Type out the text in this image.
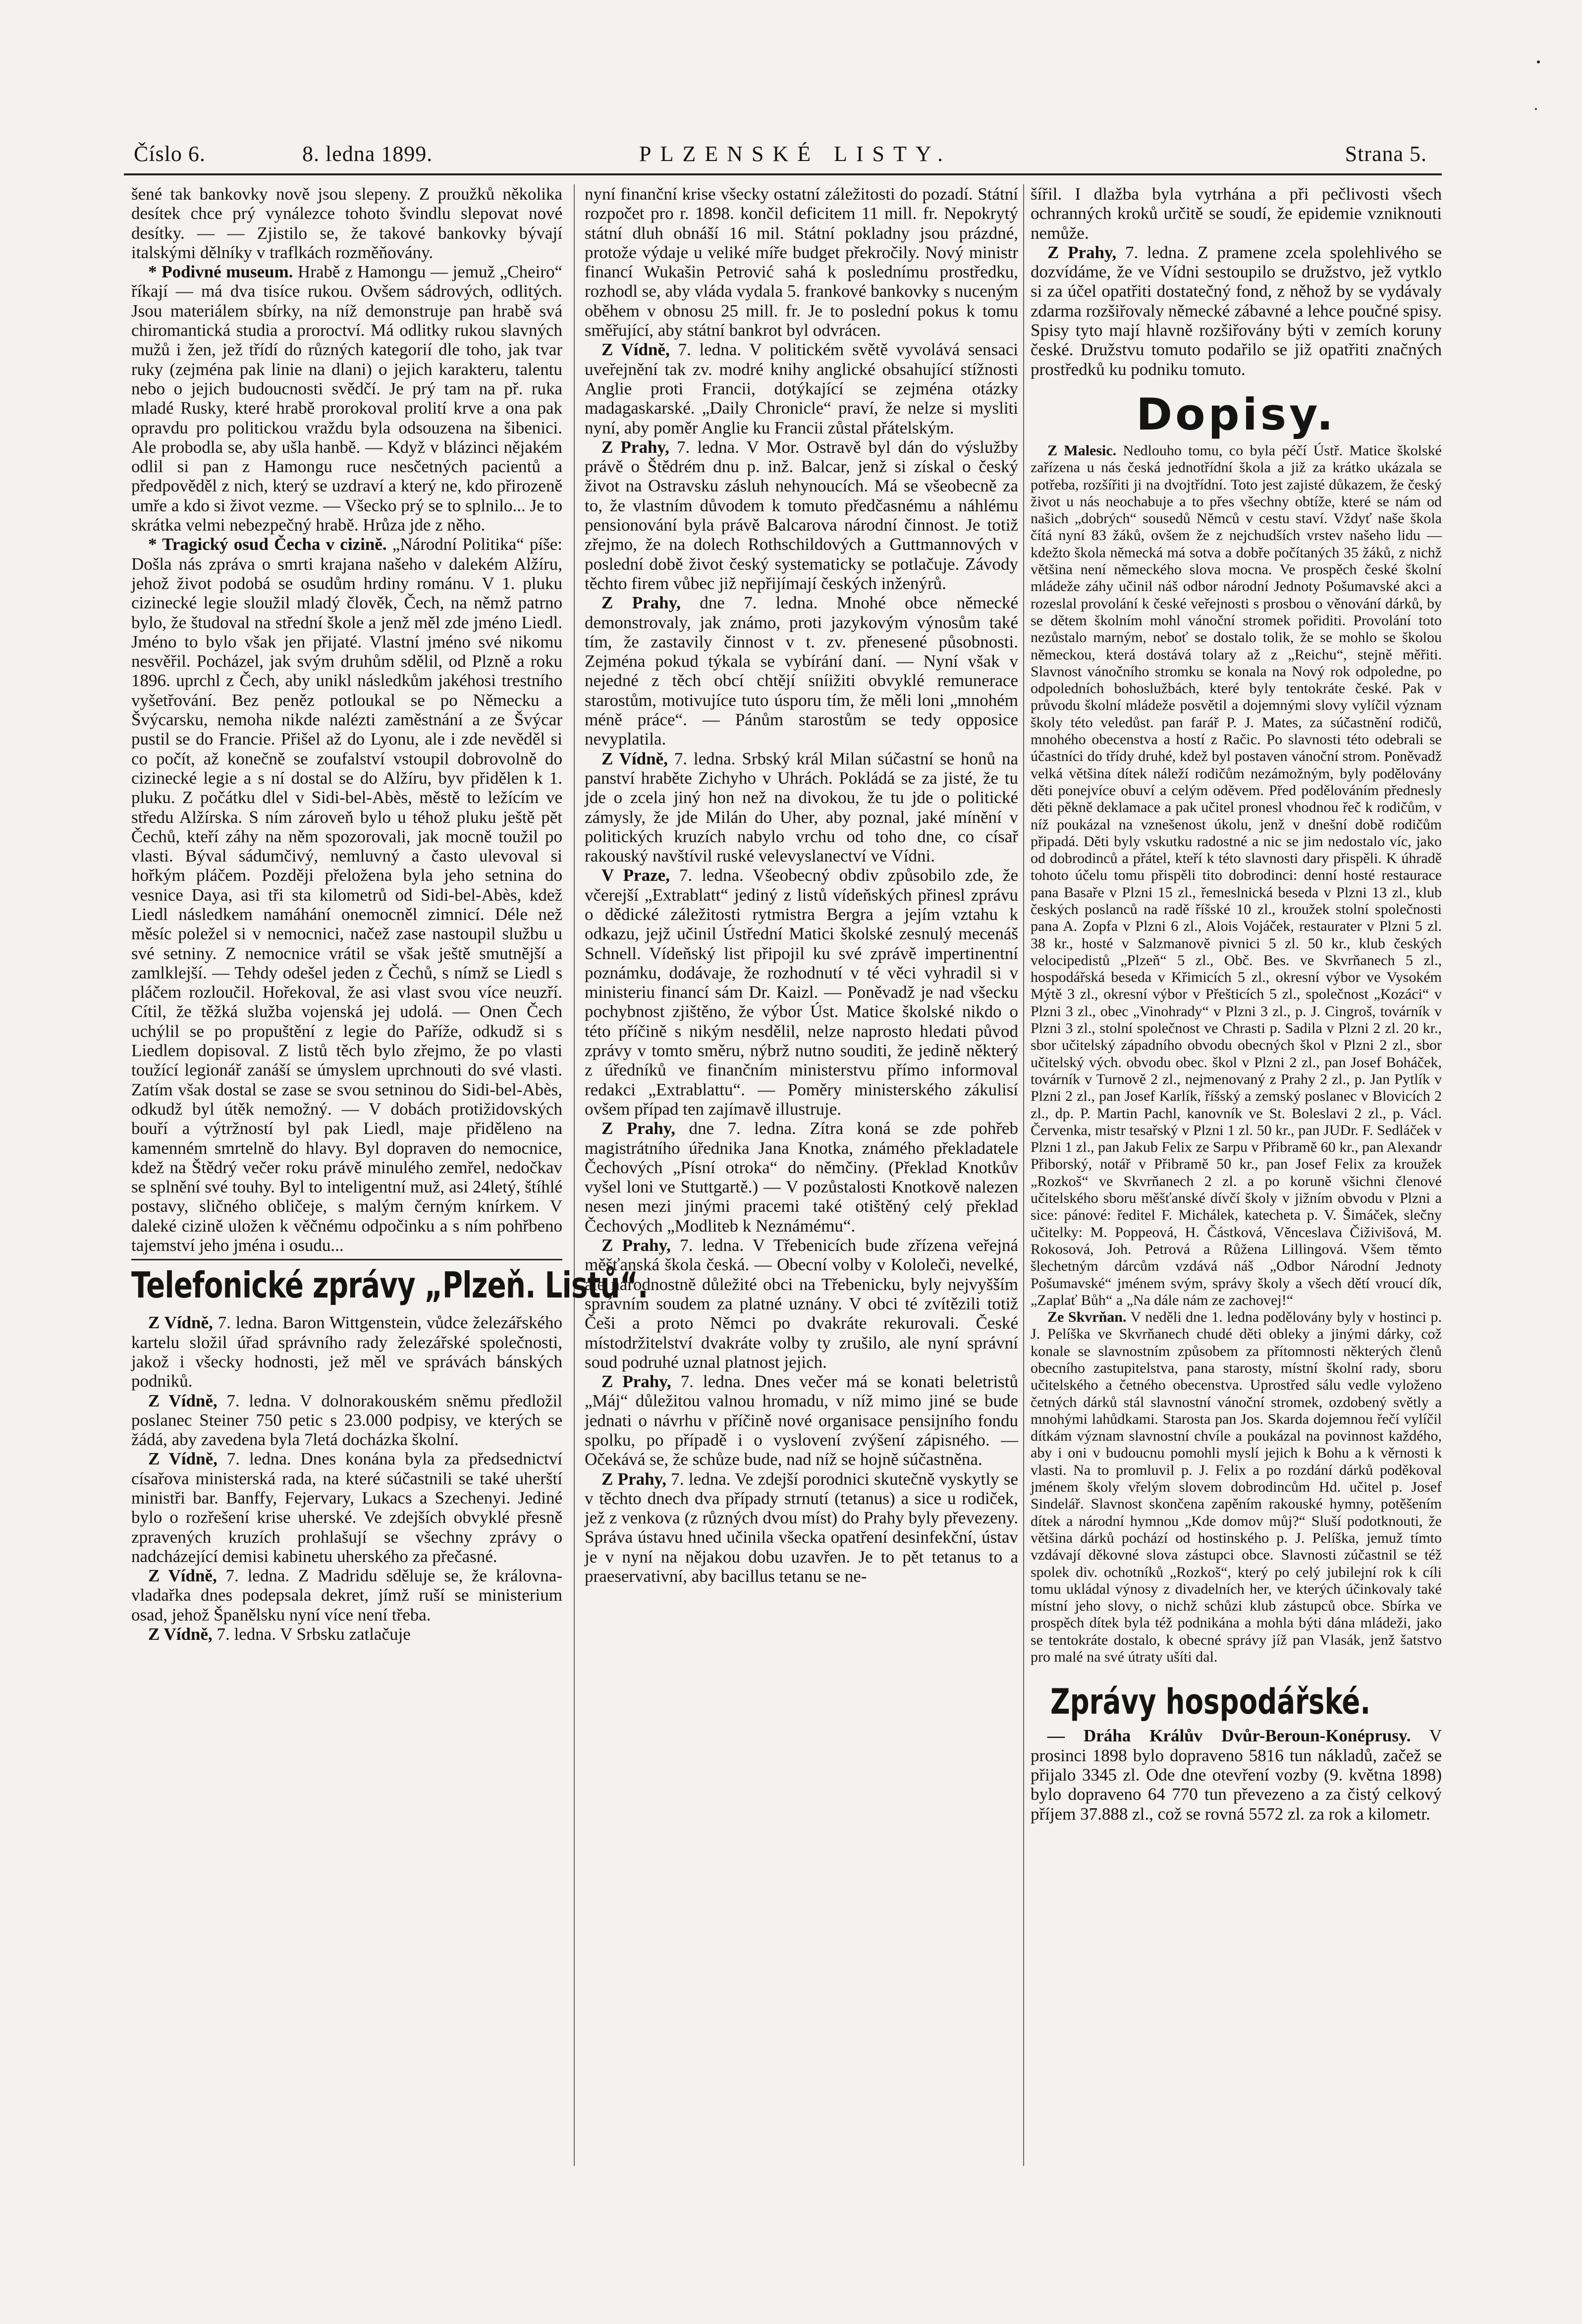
Číslo 6.	8. ledna 1899.	PLZENSKÉ LISTY.	Strana 5.

šené tak bankovky nově jsou slepeny. Z proužků několika desítek chce prý vynálezce tohoto švindlu slepovat nové desítky. — — Zjistilo se, že takové bankovky bývají italskými dělníky v traflkách rozměňovány.

* Podivné museum. Hrabě z Hamongu — jemuž „Cheiro“ říkají — má dva tisíce rukou. Ovšem sádrových, odlitých. Jsou materiálem sbírky, na níž demonstruje pan hrabě svá chiromantická studia a proroctví. Má odlitky rukou slavných mužů i žen, jež třídí do různých kategorií dle toho, jak tvar ruky (zejména pak linie na dlani) o jejich karakteru, talentu nebo o jejich budoucnosti svědčí. Je prý tam na př. ruka mladé Rusky, které hrabě prorokoval prolití krve a ona pak opravdu pro politickou vraždu byla odsouzena na šibenici. Ale probodla se, aby ušla hanbě. — Když v blázinci nějakém odlil si pan z Hamongu ruce nesčetných pacientů a předpověděl z nich, který se uzdraví a který ne, kdo přirozeně umře a kdo si život vezme. — Všecko prý se to splnilo... Je to skrátka velmi nebezpečný hrabě. Hrůza jde z něho.

* Tragický osud Čecha v cizině. „Národní Politika“ píše: Došla nás zpráva o smrti krajana našeho v dalekém Alžíru, jehož život podobá se osudům hrdiny románu. V 1. pluku cizinecké legie sloužil mladý člověk, Čech, na němž patrno bylo, že študoval na střední škole a jenž měl zde jméno Liedl. Jméno to bylo však jen přijaté. Vlastní jméno své nikomu nesvěřil. Pocházel, jak svým druhům sdělil, od Plzně a roku 1896. uprchl z Čech, aby unikl následkům jakéhosi trestního vyšetřování. Bez peněz potloukal se po Německu a Švýcarsku, nemoha nikde nalézti zaměstnání a ze Švýcar pustil se do Francie. Přišel až do Lyonu, ale i zde nevěděl si co počít, až konečně se zoufalství vstoupil dobrovolně do cizinecké legie a s ní dostal se do Alžíru, byv přidělen k 1. pluku. Z počátku dlel v Sidi-bel-Abès, městě to ležícím ve středu Alžírska. S ním zároveň bylo u téhož pluku ještě pět Čechů, kteří záhy na něm spozorovali, jak mocně toužil po vlasti. Býval sádumčivý, nemluvný a často ulevoval si hořkým pláčem. Později přeložena byla jeho setnina do vesnice Daya, asi tři sta kilometrů od Sidi-bel-Abès, kdež Liedl následkem namáhání onemocněl zimnicí. Déle než měsíc poležel si v nemocnici, načež zase nastoupil službu u své setniny. Z nemocnice vrátil se však ještě smutnější a zamlklejší. — Tehdy odešel jeden z Čechů, s nímž se Liedl s pláčem rozloučil. Hořekoval, že asi vlast svou více neuzří. Cítil, že těžká služba vojenská jej udolá. — Onen Čech uchýlil se po propuštění z legie do Paříže, odkudž si s Liedlem dopisoval. Z listů těch bylo zřejmo, že po vlasti toužící legionář zanáší se úmyslem uprchnouti do své vlasti. Zatím však dostal se zase se svou setninou do Sidi-bel-Abès, odkudž byl útěk nemožný. — V dobách protižidovských bouří a výtržností byl pak Liedl, maje přiděleno na kamenném smrtelně do hlavy. Byl dopraven do nemocnice, kdež na Štědrý večer roku právě minulého zemřel, nedočkav se splnění své touhy. Byl to inteligentní muž, asi 24letý, štíhlé postavy, sličného obličeje, s malým černým knírkem. V daleké cizině uložen k věčnému odpočinku a s ním pohřbeno tajemství jeho jména i osudu...

Telefonické zprávy „Plzeň. Listů“.

Z Vídně, 7. ledna. Baron Wittgenstein, vůdce železářského kartelu složil úřad správního rady železářské společnosti, jakož i všecky hodnosti, jež měl ve správách bánských podniků.

Z Vídně, 7. ledna. V dolnorakouském sněmu předložil poslanec Steiner 750 petic s 23.000 podpisy, ve kterých se žádá, aby zavedena byla 7letá docházka školní.

Z Vídně, 7. ledna. Dnes konána byla za předsednictví císařova ministerská rada, na které súčastnili se také uherští ministři bar. Banffy, Fejervary, Lukacs a Szechenyi. Jediné bylo o rozřešení krise uherské. Ve zdejších obvyklé přesně zpravených kruzích prohlašují se všechny zprávy o nadcházející demisi kabinetu uherského za přečasné.

Z Vídně, 7. ledna. Z Madridu sděluje se, že královna-vladařka dnes podepsala dekret, jímž ruší se ministerium osad, jehož Španělsku nyní více není třeba.

Z Vídně, 7. ledna. V Srbsku zatlačuje

nyní finanční krise všecky ostatní záležitosti do pozadí. Státní rozpočet pro r. 1898. končil deficitem 11 mill. fr. Nepokrytý státní dluh obnáší 16 mil. Státní pokladny jsou prázdné, protože výdaje u veliké míře budget překročily. Nový ministr financí Wukašin Petrović sahá k poslednímu prostředku, rozhodl se, aby vláda vydala 5. frankové bankovky s nuceným oběhem v obnosu 25 mill. fr. Je to poslední pokus k tomu směřující, aby státní bankrot byl odvrácen.

Z Vídně, 7. ledna. V politickém světě vyvolává sensaci uveřejnění tak zv. modré knihy anglické obsahující stížnosti Anglie proti Francii, dotýkající se zejména otázky madagaskarské. „Daily Chronicle“ praví, že nelze si mysliti nyní, aby poměr Anglie ku Francii zůstal přátelským.

Z Prahy, 7. ledna. V Mor. Ostravě byl dán do výslužby právě o Štědrém dnu p. inž. Balcar, jenž si získal o český život na Ostravsku zásluh nehynoucích. Má se všeobecně za to, že vlastním důvodem k tomuto předčasnému a náhlému pensionování byla právě Balcarova národní činnost. Je totiž zřejmo, že na dolech Rothschildových a Guttmannových v poslední době život český systematicky se potlačuje. Závody těchto firem vůbec již nepřijímají českých inženýrů.

Z Prahy, dne 7. ledna. Mnohé obce německé demonstrovaly, jak známo, proti jazykovým výnosům také tím, že zastavily činnost v t. zv. přenesené působnosti. Zejména pokud týkala se vybírání daní. — Nyní však v nejedné z těch obcí chtějí sníižiti obvyklé remunerace starostům, motivujíce tuto úsporu tím, že měli loni „mnohém méně práce“. — Pánům starostům se tedy opposice nevyplatila.

Z Vídně, 7. ledna. Srbský král Milan súčastní se honů na panství hraběte Zichyho v Uhrách. Pokládá se za jisté, že tu jde o zcela jiný hon než na divokou, že tu jde o politické zámysly, že jde Milán do Uher, aby poznal, jaké mínění v politických kruzích nabylo vrchu od toho dne, co císař rakouský navštívil ruské velevyslanectví ve Vídni.

V Praze, 7. ledna. Všeobecný obdiv způsobilo zde, že včerejší „Extrablatt“ jediný z listů vídeňských přinesl zprávu o dědické záležitosti rytmistra Bergra a jejím vztahu k odkazu, jejž učinil Ústřední Matici školské zesnulý mecenáš Schnell. Vídeňský list připojil ku své zprávě impertinentní poznámku, dodávaje, že rozhodnutí v té věci vyhradil si v ministeriu financí sám Dr. Kaizl. — Poněvadž je nad všecku pochybnost zjištěno, že výbor Úst. Matice školské nikdo o této příčině s nikým nesdělil, nelze naprosto hledati původ zprávy v tomto směru, nýbrž nutno souditi, že jedině některý z úředníků ve finančním ministerstvu přímo informoval redakci „Extrablattu“. — Poměry ministerského zákulisí ovšem případ ten zajímavě illustruje.

Z Prahy, dne 7. ledna. Zítra koná se zde pohřeb magistrátního úřednika Jana Knotka, známého překladatele Čechových „Písní otroka“ do němčiny. (Překlad Knotkův vyšel loni ve Stuttgartě.) — V pozůstalosti Knotkově nalezen nesen mezi jinými pracemi také otištěný celý překlad Čechových „Modliteb k Neznámému“.

Z Prahy, 7. ledna. V Třebenicích bude zřízena veřejná měšťanská škola česká. — Obecní volby v Kololeči, nevelké, ale národnostně důležité obci na Třebenicku, byly nejvyšším správním soudem za platné uznány. V obci té zvítězili totiž Češi a proto Němci po dvakráte rekurovali. České místodržitelství dvakráte volby ty zrušilo, ale nyní správní soud podruhé uznal platnost jejich.

Z Prahy, 7. ledna. Dnes večer má se konati beletristů „Máj“ důležitou valnou hromadu, v níž mimo jiné se bude jednati o návrhu v příčině nové organisace pensijního fondu spolku, po případě i o vyslovení zvýšení zápisného. — Očekává se, že schůze bude, nad níž se hojně súčastněna.

Z Prahy, 7. ledna. Ve zdejší porodnici skutečně vyskytly se v těchto dnech dva případy strnutí (tetanus) a sice u rodiček, jež z venkova (z různých dvou míst) do Prahy byly převezeny. Správa ústavu hned učinila všecka opatření desinfekční, ústav je v nyní na nějakou dobu uzavřen. Je to pět tetanus to a praeservativní, aby bacillus tetanu se ne-

šířil. I dlažba byla vytrhána a při pečlivosti všech ochranných kroků určitě se soudí, že epidemie vzniknouti nemůže.

Z Prahy, 7. ledna. Z pramene zcela spolehlivého se dozvídáme, že ve Vídni sestoupilo se družstvo, jež vytklo si za účel opatřiti dostatečný fond, z něhož by se vydávaly zdarma rozšiřovaly německé zábavné a lehce poučné spisy. Spisy tyto mají hlavně rozšiřovány býti v zemích koruny české. Družstvu tomuto podařilo se již opatřiti značných prostředků ku podniku tomuto.

Dopisy.

Z Malesic. Nedlouho tomu, co byla péčí Ústř. Matice školské zařízena u nás česká jednotřídní škola a již za krátko ukázala se potřeba, rozšířiti ji na dvojtřídní. Toto jest zajisté důkazem, že český život u nás neochabuje a to přes všechny obtíže, které se nám od našich „dobrých“ sousedů Němců v cestu staví. Vždyť naše škola čítá nyní 83 žáků, ovšem že z nejchudších vrstev našeho lidu — kdežto škola německá má sotva a dobře počítaných 35 žáků, z nichž většina není německého slova mocna. Ve prospěch české školní mládeže záhy učinil náš odbor národní Jednoty Pošumavské akci a rozeslal provolání k české veřejnosti s prosbou o věnování dárků, by se dětem školním mohl vánoční stromek pořiditi. Provolání toto nezůstalo marným, neboť se dostalo tolik, že se mohlo se školou německou, která dostává tolary až z „Reichu“, stejně měřiti. Slavnost vánočního stromku se konala na Nový rok odpoledne, po odpoledních bohoslužbách, které byly tentokráte české. Pak v průvodu školní mládeže posvětil a dojemnými slovy vylíčil význam školy této veledůst. pan farář P. J. Mates, za súčastnění rodičů, mnohého obecenstva a hostí z Račic. Po slavnosti této odebrali se účastníci do třídy druhé, kdež byl postaven vánoční strom. Poněvadž velká většina dítek náleží rodičům nezámožným, byly podělovány děti ponejvíce obuví a celým oděvem. Před podělováním přednesly děti pěkně deklamace a pak učitel pronesl vhodnou řeč k rodičům, v níž poukázal na vznešenost úkolu, jenž v dnešní době rodičům připadá. Děti byly vskutku radostné a nic se jim nedostalo víc, jako od dobrodinců a přátel, kteří k této slavnosti dary přispěli. K úhradě tohoto účelu tomu přispěli tito dobrodinci: denní hosté restaurace pana Basaře v Plzni 15 zl., řemeslnická beseda v Plzni 13 zl., klub českých poslanců na radě říšské 10 zl., kroužek stolní společnosti pana A. Zopfa v Plzni 6 zl., Alois Vojáček, restaurater v Plzni 5 zl. 38 kr., hosté v Salzmanově pivnici 5 zl. 50 kr., klub českých velocipedistů „Plzeň“ 5 zl., Obč. Bes. ve Skvrňanech 5 zl., hospodářská beseda v Křimicích 5 zl., okresní výbor ve Vysokém Mýtě 3 zl., okresní výbor v Přešticích 5 zl., společnost „Kozáci“ v Plzni 3 zl., obec „Vinohrady“ v Plzni 3 zl., p. J. Cingroš, továrník v Plzni 3 zl., stolní společnost ve Chrasti p. Sadila v Plzni 2 zl. 20 kr., sbor učitelský západního obvodu obecných škol v Plzni 2 zl., sbor učitelský vých. obvodu obec. škol v Plzni 2 zl., pan Josef Boháček, továrník v Turnově 2 zl., nejmenovaný z Prahy 2 zl., p. Jan Pytlík v Plzni 2 zl., pan Josef Karlík, říšský a zemský poslanec v Blovicích 2 zl., dp. P. Martin Pachl, kanovník ve St. Boleslavi 2 zl., p. Václ. Červenka, mistr tesařský v Plzni 1 zl. 50 kr., pan JUDr. F. Sedláček v Plzni 1 zl., pan Jakub Felix ze Sarpu v Přibramě 60 kr., pan Alexandr Přiborský, notář v Přibramě 50 kr., pan Josef Felix za kroužek „Rozkoš“ ve Skvrňanech 2 zl. a po koruně všichni členové učitelského sboru měšťanské dívčí školy v jižním obvodu v Plzni a sice: pánové: ředitel F. Michálek, katecheta p. V. Šimáček, slečny učitelky: M. Poppeová, H. Částková, Věnceslava Čiživišová, M. Rokosová, Joh. Petrová a Růžena Lillingová. Všem těmto šlechetným dárcům vzdává náš „Odbor Národní Jednoty Pošumavské“ jménem svým, správy školy a všech dětí vroucí dík, „Zaplať Bůh“ a „Na dále nám ze zachovej!“

Ze Skvrňan. V neděli dne 1. ledna podělovány byly v hostinci p. J. Pelíška ve Skvrňanech chudé děti obleky a jinými dárky, což konale se slavnostním způsobem za přítomnosti některých členů obecního zastupitelstva, pana starosty, místní školní rady, sboru učitelského a četného obecenstva. Uprostřed sálu vedle vyloženo četných dárků stál slavnostní vánoční stromek, ozdobený světly a mnohými lahůdkami. Starosta pan Jos. Skarda dojemnou řečí vylíčil dítkám význam slavnostní chvíle a poukázal na povinnost každého, aby i oni v budoucnu pomohli myslí jejich k Bohu a k věrnosti k vlasti. Na to promluvil p. J. Felix a po rozdání dárků poděkoval jménem školy vřelým slovem dobrodincům Hd. učitel p. Josef Sindelář. Slavnost skončena zapěním rakouské hymny, potěšením dítek a národní hymnou „Kde domov můj?“ Sluší podotknouti, že většina dárků pochází od hostinského p. J. Pelíška, jemuž tímto vzdávají děkovné slova zástupci obce. Slavnosti zúčastnil se též spolek div. ochotníků „Rozkoš“, který po celý jubilejní rok k cíli tomu ukládal výnosy z divadelních her, ve kterých účinkovaly také místní jeho slovy, o nichž schůzi klub zástupců obce. Sbírka ve prospěch dítek byla též podnikána a mohla býti dána mládeži, jako se tentokráte dostalo, k obecné správy jíž pan Vlasák, jenž šatstvo pro malé na své útraty ušíti dal.

Zprávy hospodářské.

— Dráha Králův Dvůr-Beroun-Konéprusy. V prosinci 1898 bylo dopraveno 5816 tun nákladů, začež se přijalo 3345 zl. Ode dne otevření vozby (9. května 1898) bylo dopraveno 64 770 tun převezeno a za čistý celkový příjem 37.888 zl., což se rovná 5572 zl. za rok a kilometr.
